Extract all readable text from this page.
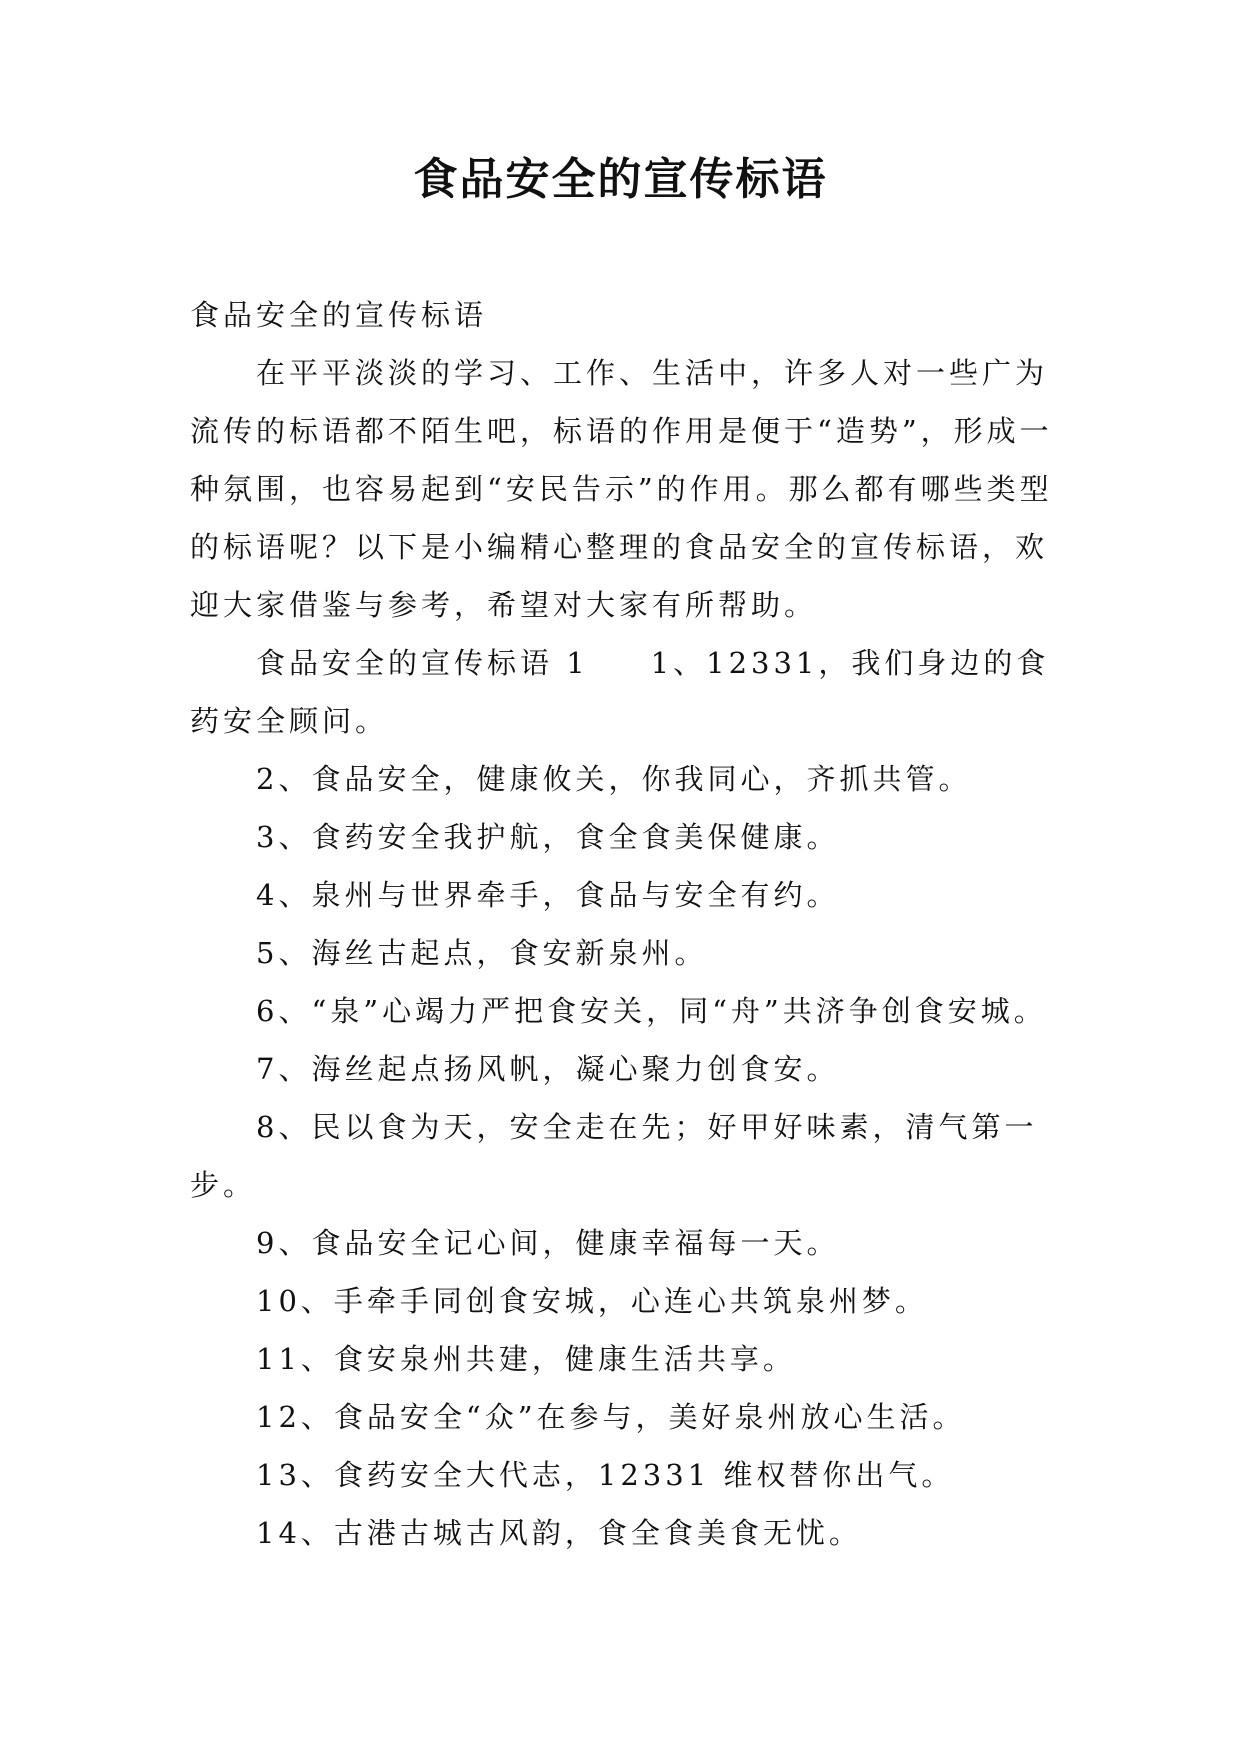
食品安全的宣传标语

食品安全的宣传标语

在平平淡淡的学习、工作、生活中，许多人对一些广为流传的标语都不陌生吧，标语的作用是便于“造势”，形成一种氛围，也容易起到“安民告示”的作用。那么都有哪些类型的标语呢？以下是小编精心整理的食品安全的宣传标语，欢迎大家借鉴与参考，希望对大家有所帮助。

食品安全的宣传标语 1 1、12331，我们身边的食药安全顾问。

2、食品安全，健康攸关，你我同心，齐抓共管。

3、食药安全我护航，食全食美保健康。

4、泉州与世界牵手，食品与安全有约。

5、海丝古起点，食安新泉州。

6、“泉”心竭力严把食安关，同“舟”共济争创食安城。

7、海丝起点扬风帆，凝心聚力创食安。

8、民以食为天，安全走在先；好甲好味素，清气第一步。

9、食品安全记心间，健康幸福每一天。

10、手牵手同创食安城，心连心共筑泉州梦。

11、食安泉州共建，健康生活共享。

12、食品安全“众”在参与，美好泉州放心生活。

13、食药安全大代志，12331 维权替你出气。

14、古港古城古风韵，食全食美食无忧。
